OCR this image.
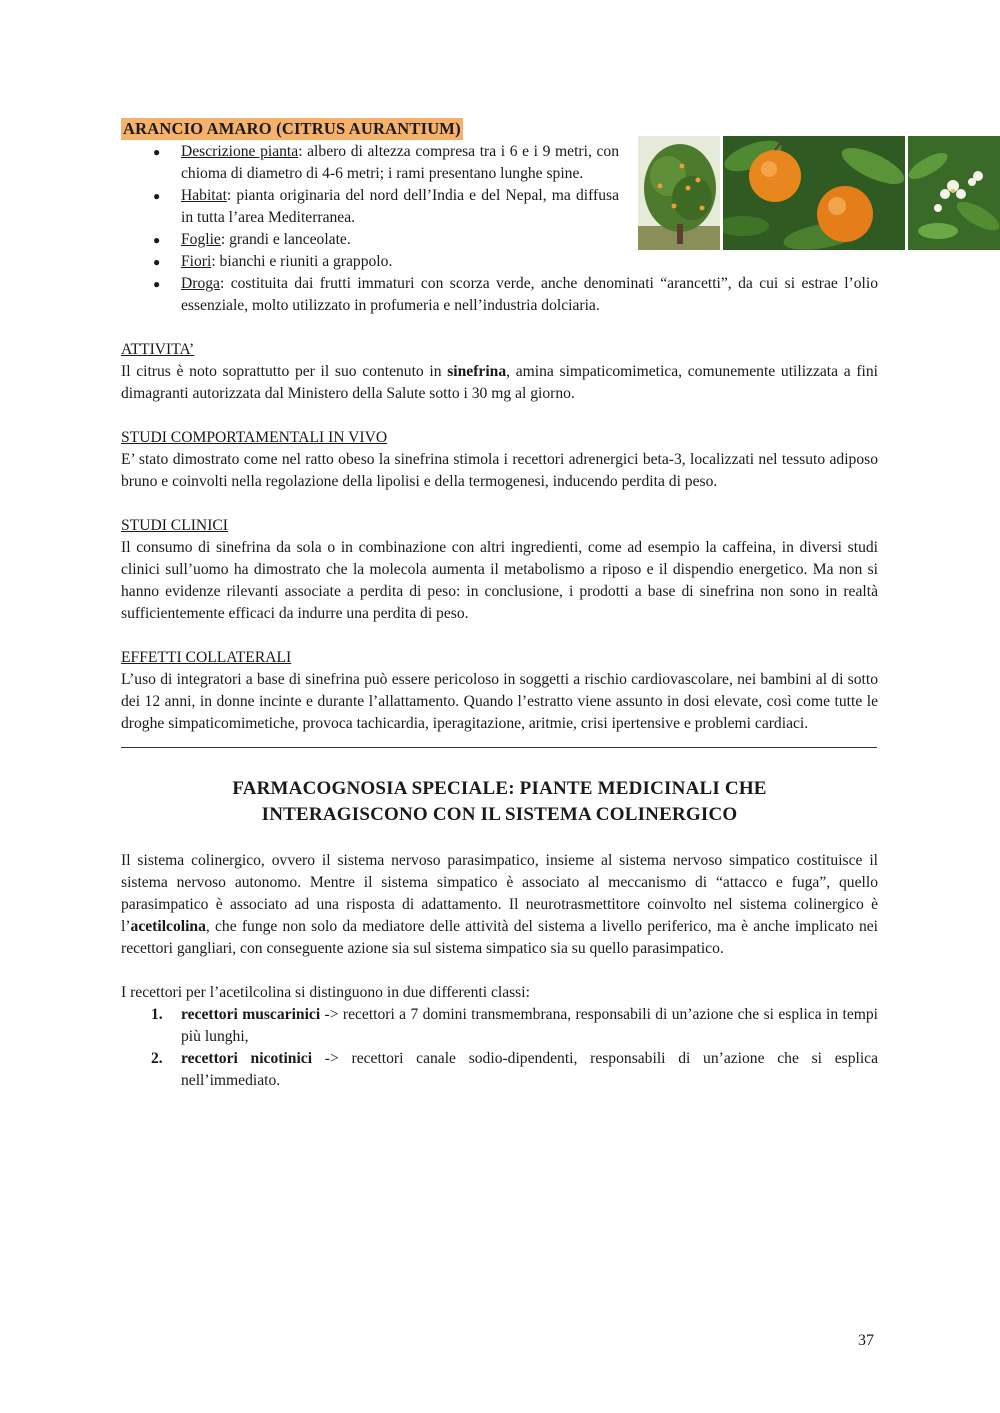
ARANCIO AMARO (CITRUS AURANTIUM)
● Descrizione pianta: albero di altezza compresa tra i 6 e i 9 metri, con chioma di diametro di 4-6 metri; i rami presentano lunghe spine.
● Habitat: pianta originaria del nord dell’India e del Nepal, ma diffusa in tutta l’area Mediterranea.
● Foglie: grandi e lanceolate.
● Fiori: bianchi e riuniti a grappolo.
● Droga: costituita dai frutti immaturi con scorza verde, anche denominati “arancetti”, da cui si estrae l’olio essenziale, molto utilizzato in profumeria e nell’industria dolciaria.
ATTIVITA’

Il citrus è noto soprattutto per il suo contenuto in sinefrina, amina simpaticomimetica, comunemente utilizzata a fini dimagranti autorizzata dal Ministero della Salute sotto i 30 mg al giorno.

STUDI COMPORTAMENTALI IN VIVO

E’ stato dimostrato come nel ratto obeso la sinefrina stimola i recettori adrenergici beta-3, localizzati nel tessuto adiposo bruno e coinvolti nella regolazione della lipolisi e della termogenesi, inducendo perdita di peso.

STUDI CLINICI

Il consumo di sinefrina da sola o in combinazione con altri ingredienti, come ad esempio la caffeina, in diversi studi clinici sull’uomo ha dimostrato che la molecola aumenta il metabolismo a riposo e il dispendio energetico. Ma non si hanno evidenze rilevanti associate a perdita di peso: in conclusione, i prodotti a base di sinefrina non sono in realtà sufficientemente efficaci da indurre una perdita di peso.

EFFETTI COLLATERALI

L’uso di integratori a base di sinefrina può essere pericoloso in soggetti a rischio cardiovascolare, nei bambini al di sotto dei 12 anni, in donne incinte e durante l’allattamento. Quando l’estratto viene assunto in dosi elevate, così come tutte le droghe simpaticomimetiche, provoca tachicardia, iperagitazione, aritmie, crisi ipertensive e problemi cardiaci.

FARMACOGNOSIA SPECIALE: PIANTE MEDICINALI CHE
INTERAGISCONO CON IL SISTEMA COLINERGICO

Il sistema colinergico, ovvero il sistema nervoso parasimpatico, insieme al sistema nervoso simpatico costituisce il sistema nervoso autonomo. Mentre il sistema simpatico è associato al meccanismo di “attacco e fuga”, quello parasimpatico è associato ad una risposta di adattamento. Il neurotrasmettitore coinvolto nel sistema colinergico è l’acetilcolina, che funge non solo da mediatore delle attività del sistema a livello periferico, ma è anche implicato nei recettori gangliari, con conseguente azione sia sul sistema simpatico sia su quello parasimpatico.

I recettori per l’acetilcolina si distinguono in due differenti classi:

1. recettori muscarinici -> recettori a 7 domini transmembrana, responsabili di un’azione che si esplica in tempi più lunghi,
2. recettori nicotinici -> recettori canale sodio-dipendenti, responsabili di un’azione che si esplica nell’immediato.
37
